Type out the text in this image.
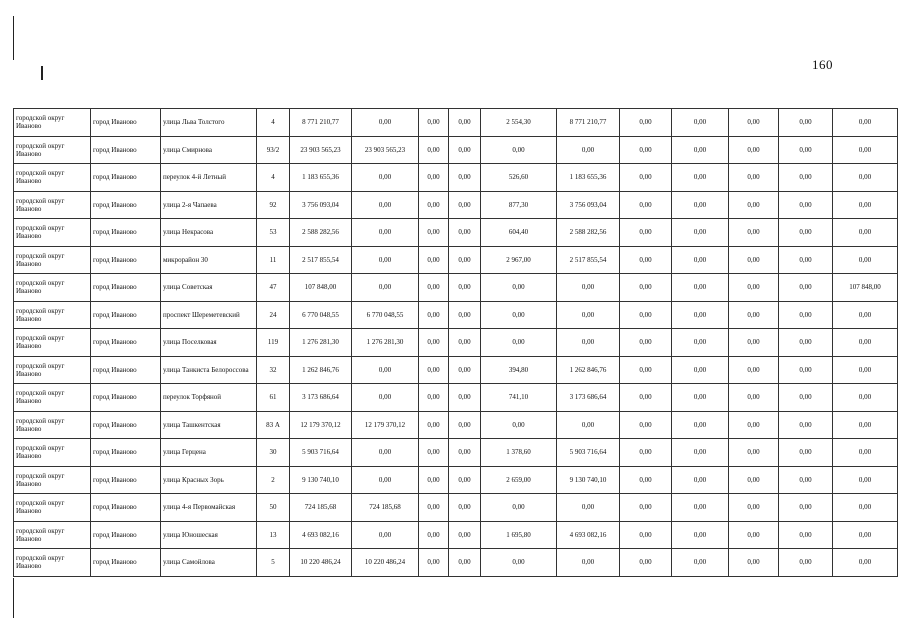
160
городской округ Иваново	город Иваново	улица Льва Толстого	4	8 771 210,77	0,00	0,00	0,00	2 554,30	8 771 210,77	0,00	0,00	0,00	0,00	0,00
городской округ Иваново	город Иваново	улица Смирнова	93/2	23 903 565,23	23 903 565,23	0,00	0,00	0,00	0,00	0,00	0,00	0,00	0,00	0,00
городской округ Иваново	город Иваново	переулок 4-й Летный	4	1 183 655,36	0,00	0,00	0,00	526,60	1 183 655,36	0,00	0,00	0,00	0,00	0,00
городской округ Иваново	город Иваново	улица 2-я Чапаева	92	3 756 093,04	0,00	0,00	0,00	877,30	3 756 093,04	0,00	0,00	0,00	0,00	0,00
городской округ Иваново	город Иваново	улица Некрасова	53	2 588 282,56	0,00	0,00	0,00	604,40	2 588 282,56	0,00	0,00	0,00	0,00	0,00
городской округ Иваново	город Иваново	микрорайон 30	11	2 517 855,54	0,00	0,00	0,00	2 967,00	2 517 855,54	0,00	0,00	0,00	0,00	0,00
городской округ Иваново	город Иваново	улица Советская	47	107 848,00	0,00	0,00	0,00	0,00	0,00	0,00	0,00	0,00	0,00	107 848,00
городской округ Иваново	город Иваново	проспект Шереметевский	24	6 770 048,55	6 770 048,55	0,00	0,00	0,00	0,00	0,00	0,00	0,00	0,00	0,00
городской округ Иваново	город Иваново	улица Поселковая	119	1 276 281,30	1 276 281,30	0,00	0,00	0,00	0,00	0,00	0,00	0,00	0,00	0,00
городской округ Иваново	город Иваново	улица Танкиста Белороссова	32	1 262 846,76	0,00	0,00	0,00	394,80	1 262 846,76	0,00	0,00	0,00	0,00	0,00
городской округ Иваново	город Иваново	переулок Торфяной	61	3 173 686,64	0,00	0,00	0,00	741,10	3 173 686,64	0,00	0,00	0,00	0,00	0,00
городской округ Иваново	город Иваново	улица Ташкентская	83 А	12 179 370,12	12 179 370,12	0,00	0,00	0,00	0,00	0,00	0,00	0,00	0,00	0,00
городской округ Иваново	город Иваново	улица Герцена	30	5 903 716,64	0,00	0,00	0,00	1 378,60	5 903 716,64	0,00	0,00	0,00	0,00	0,00
городской округ Иваново	город Иваново	улица Красных Зорь	2	9 130 740,10	0,00	0,00	0,00	2 659,00	9 130 740,10	0,00	0,00	0,00	0,00	0,00
городской округ Иваново	город Иваново	улица 4-я Первомайская	50	724 185,68	724 185,68	0,00	0,00	0,00	0,00	0,00	0,00	0,00	0,00	0,00
городской округ Иваново	город Иваново	улица Юношеская	13	4 693 082,16	0,00	0,00	0,00	1 695,80	4 693 082,16	0,00	0,00	0,00	0,00	0,00
городской округ Иваново	город Иваново	улица Самойлова	5	10 220 486,24	10 220 486,24	0,00	0,00	0,00	0,00	0,00	0,00	0,00	0,00	0,00
